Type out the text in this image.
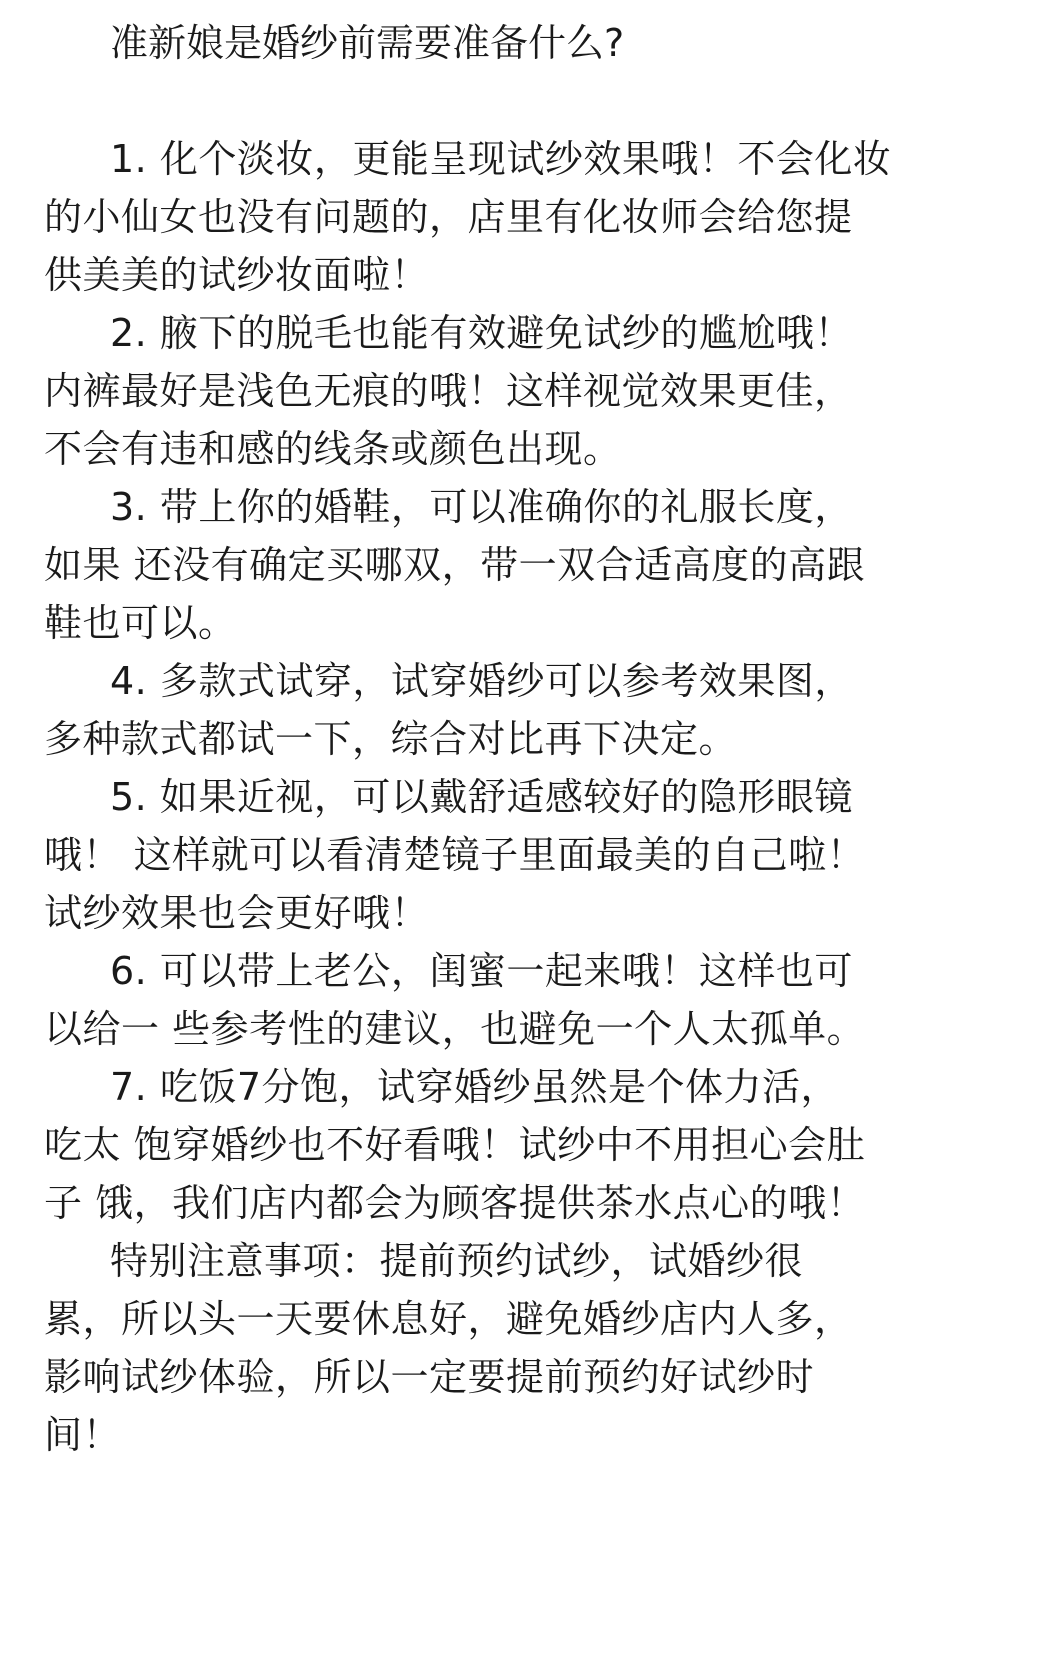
准新娘是婚纱前需要准备什么?

1. 化个淡妆，更能呈现试纱效果哦！不会化妆
的小仙女也没有问题的，店里有化妆师会给您提
供美美的试纱妆面啦！

2. 腋下的脱毛也能有效避免试纱的尴尬哦！
内裤最好是浅色无痕的哦！这样视觉效果更佳，
不会有违和感的线条或颜色出现。

3. 带上你的婚鞋，可以准确你的礼服长度，
如果 还没有确定买哪双，带一双合适高度的高跟
鞋也可以。

4. 多款式试穿，试穿婚纱可以参考效果图，
多种款式都试一下，综合对比再下决定。

5. 如果近视，可以戴舒适感较好的隐形眼镜
哦！ 这样就可以看清楚镜子里面最美的自己啦！
试纱效果也会更好哦！

6. 可以带上老公，闺蜜一起来哦！这样也可
以给一 些参考性的建议，也避免一个人太孤单。

7. 吃饭7分饱，试穿婚纱虽然是个体力活，
吃太 饱穿婚纱也不好看哦！试纱中不用担心会肚
子 饿，我们店内都会为顾客提供茶水点心的哦！

特别注意事项：提前预约试纱，试婚纱很
累，所以头一天要休息好，避免婚纱店内人多，
影响试纱体验，所以一定要提前预约好试纱时
间！
